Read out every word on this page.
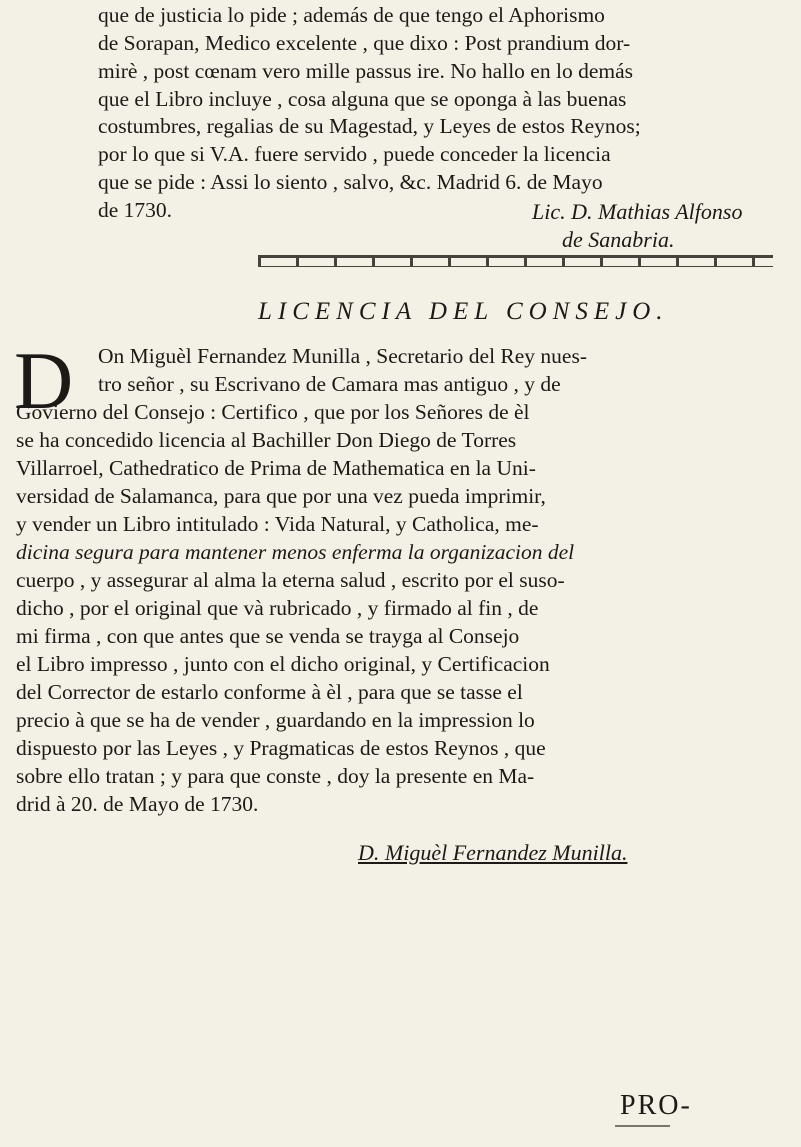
que de justicia lo pide ; además de que tengo el Aphorismo
de Sorapan, Medico excelente , que dixo : Post prandium dor-
mirè , post cœnam vero mille passus ire. No hallo en lo demás
que el Libro incluye , cosa alguna que se oponga à las buenas
costumbres, regalias de su Magestad, y Leyes de estos Reynos;
por lo que si V.A. fuere servido , puede conceder la licencia
que se pide : Assi lo siento , salvo, &c. Madrid 6. de Mayo
de 1730.	Lic. D. Mathias Alfonso
de Sanabria.
LICENCIA DEL CONSEJO.
D On Miguèl Fernandez Munilla , Secretario del Rey nues-
tro señor , su Escrivano de Camara mas antiguo , y de
Govierno del Consejo : Certifico , que por los Señores de èl
se ha concedido licencia al Bachiller Don Diego de Torres
Villarroel, Cathedratico de Prima de Mathematica en la Uni-
versidad de Salamanca, para que por una vez pueda imprimir,
y vender un Libro intitulado : Vida Natural, y Catholica, me-
dicina segura para mantener menos enferma la organizacion del
cuerpo , y assegurar al alma la eterna salud , escrito por el suso-
dicho , por el original que và rubricado , y firmado al fin , de
mi firma , con que antes que se venda se trayga al Consejo
el Libro impresso , junto con el dicho original, y Certificacion
del Corrector de estarlo conforme à èl , para que se tasse el
precio à que se ha de vender , guardando en la impression lo
dispuesto por las Leyes , y Pragmaticas de estos Reynos , que
sobre ello tratan ; y para que conste , doy la presente en Ma-
drid à 20. de Mayo de 1730.
D. Miguèl Fernandez Munilla.
PRO-
